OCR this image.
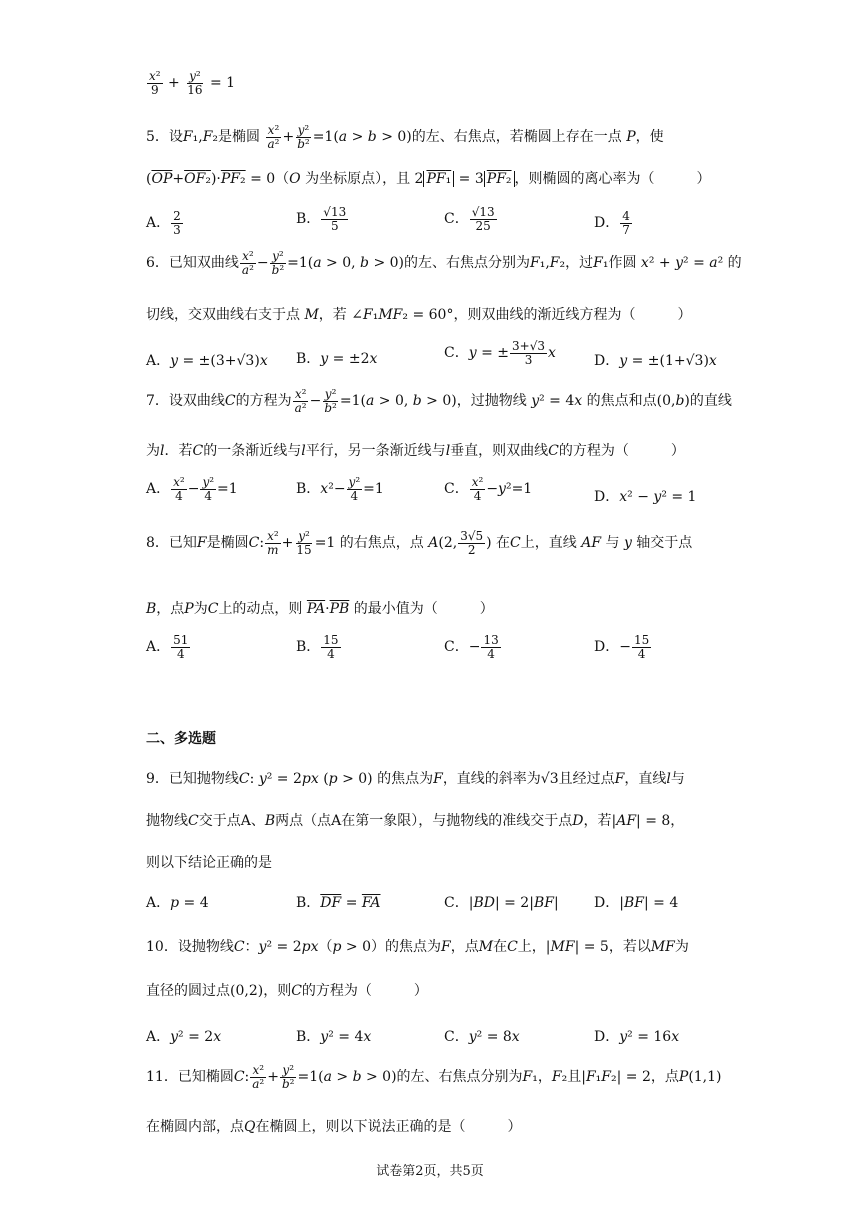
$\frac{\text{x²}}{9} + \frac{\text{y²}}{16} = 1$
5．设F₁,F₂是椭圆 $\frac{\text{x²}}{\text{a²}} + \frac{\text{y²}}{\text{b²}} =1(a > b > 0)$的左、右焦点，若椭圆上存在一点 P，使
$(\overline{OP}+OF_2)\cdot PF_2 = 0(O$ 为坐标原点），且 2 PF₁ = 3 PF₂ ，则椭圆的离心率为（　　　）
A． $\frac{2}{3}$	B． $\frac{√13}{5}$	C． $\frac{√13}{25}$	D． $\frac{4}{7}$
6．已知双曲线 $\frac{\text{x²}}{\text{a²}} - \frac{\text{y²}}{\text{b²}} =1(a > 0$, b > 0)的左、右焦点分别为F₁,F₂，过F₁作圆 x² + y² = a² 的
切线，交双曲线右支于点 M，若 ∠F₁MF₂ = 60°，则双曲线的渐近线方程为（　　　）
A．y = ±(3+√3)x B．y = ±2x	C．y = ± $\frac{3+√3}{3}$ x	D．y = ±(1+√3)x
7．设双曲线C的方程为 $\frac{\text{x²}}{\text{a²}} - \frac{\text{y²}}{\text{b²}} =1(a > 0$, b > 0)，过抛物线 y² = 4x 的焦点和点(0,b)的直线
为l．若C的一条渐近线与l平行，另一条渐近线与l垂直，则双曲线C的方程为（　　　）
A． $\frac{\text{x²}}{4} - \frac{\text{y²}}{4} =1$	B．$x^2- \frac{\text{y²}}{4} =1$	C． $\frac{\text{x²}}{4} -y^2=1$	D．x² − y² = 1
8．已知F是椭圆C: $\frac{\text{x²}}{m} + \frac{\text{y²}}{15} =1$ 的右焦点，点 A(2, $\frac{3√5}{2}$ ) 在C上，直线 AF 与 y 轴交于点
B，点P为C上的动点，则 $\overline{PA}\cdot\overline{PB}$ 的最小值为（　　　）
A． $\frac{51}{4}$	B． $\frac{15}{4}$	C．− $\frac{13}{4}$	D．− $\frac{15}{4}$
二、多选题
9．已知抛物线C: y² = 2px (p > 0) 的焦点为F，直线的斜率为√3且经过点F，直线l与
抛物线C交于点A、B两点（点A在第一象限），与抛物线的准线交于点D，若|AF| = 8，
则以下结论正确的是
A．p = 4	B．$\overline{DF} = \overline{FA}$	C．|BD| = 2|BF|	D．|BF| = 4
10．设抛物线C：y² = 2px（p > 0）的焦点为F，点M在C上，|MF| = 5，若以MF为
直径的圆过点(0,2)，则C的方程为（　　　）
A．y² = 2x	B．y² = 4x	C．y² = 8x	D．y² = 16x
11．已知椭圆C: $\frac{\text{x²}}{\text{a²}} + \frac{\text{y²}}{\text{b²}} =1(a > b > 0)$的左、右焦点分别为F₁，F₂且|F₁F₂| = 2，点P(1,1)
在椭圆内部，点Q在椭圆上，则以下说法正确的是（　　　）
试卷第2页，共5页
